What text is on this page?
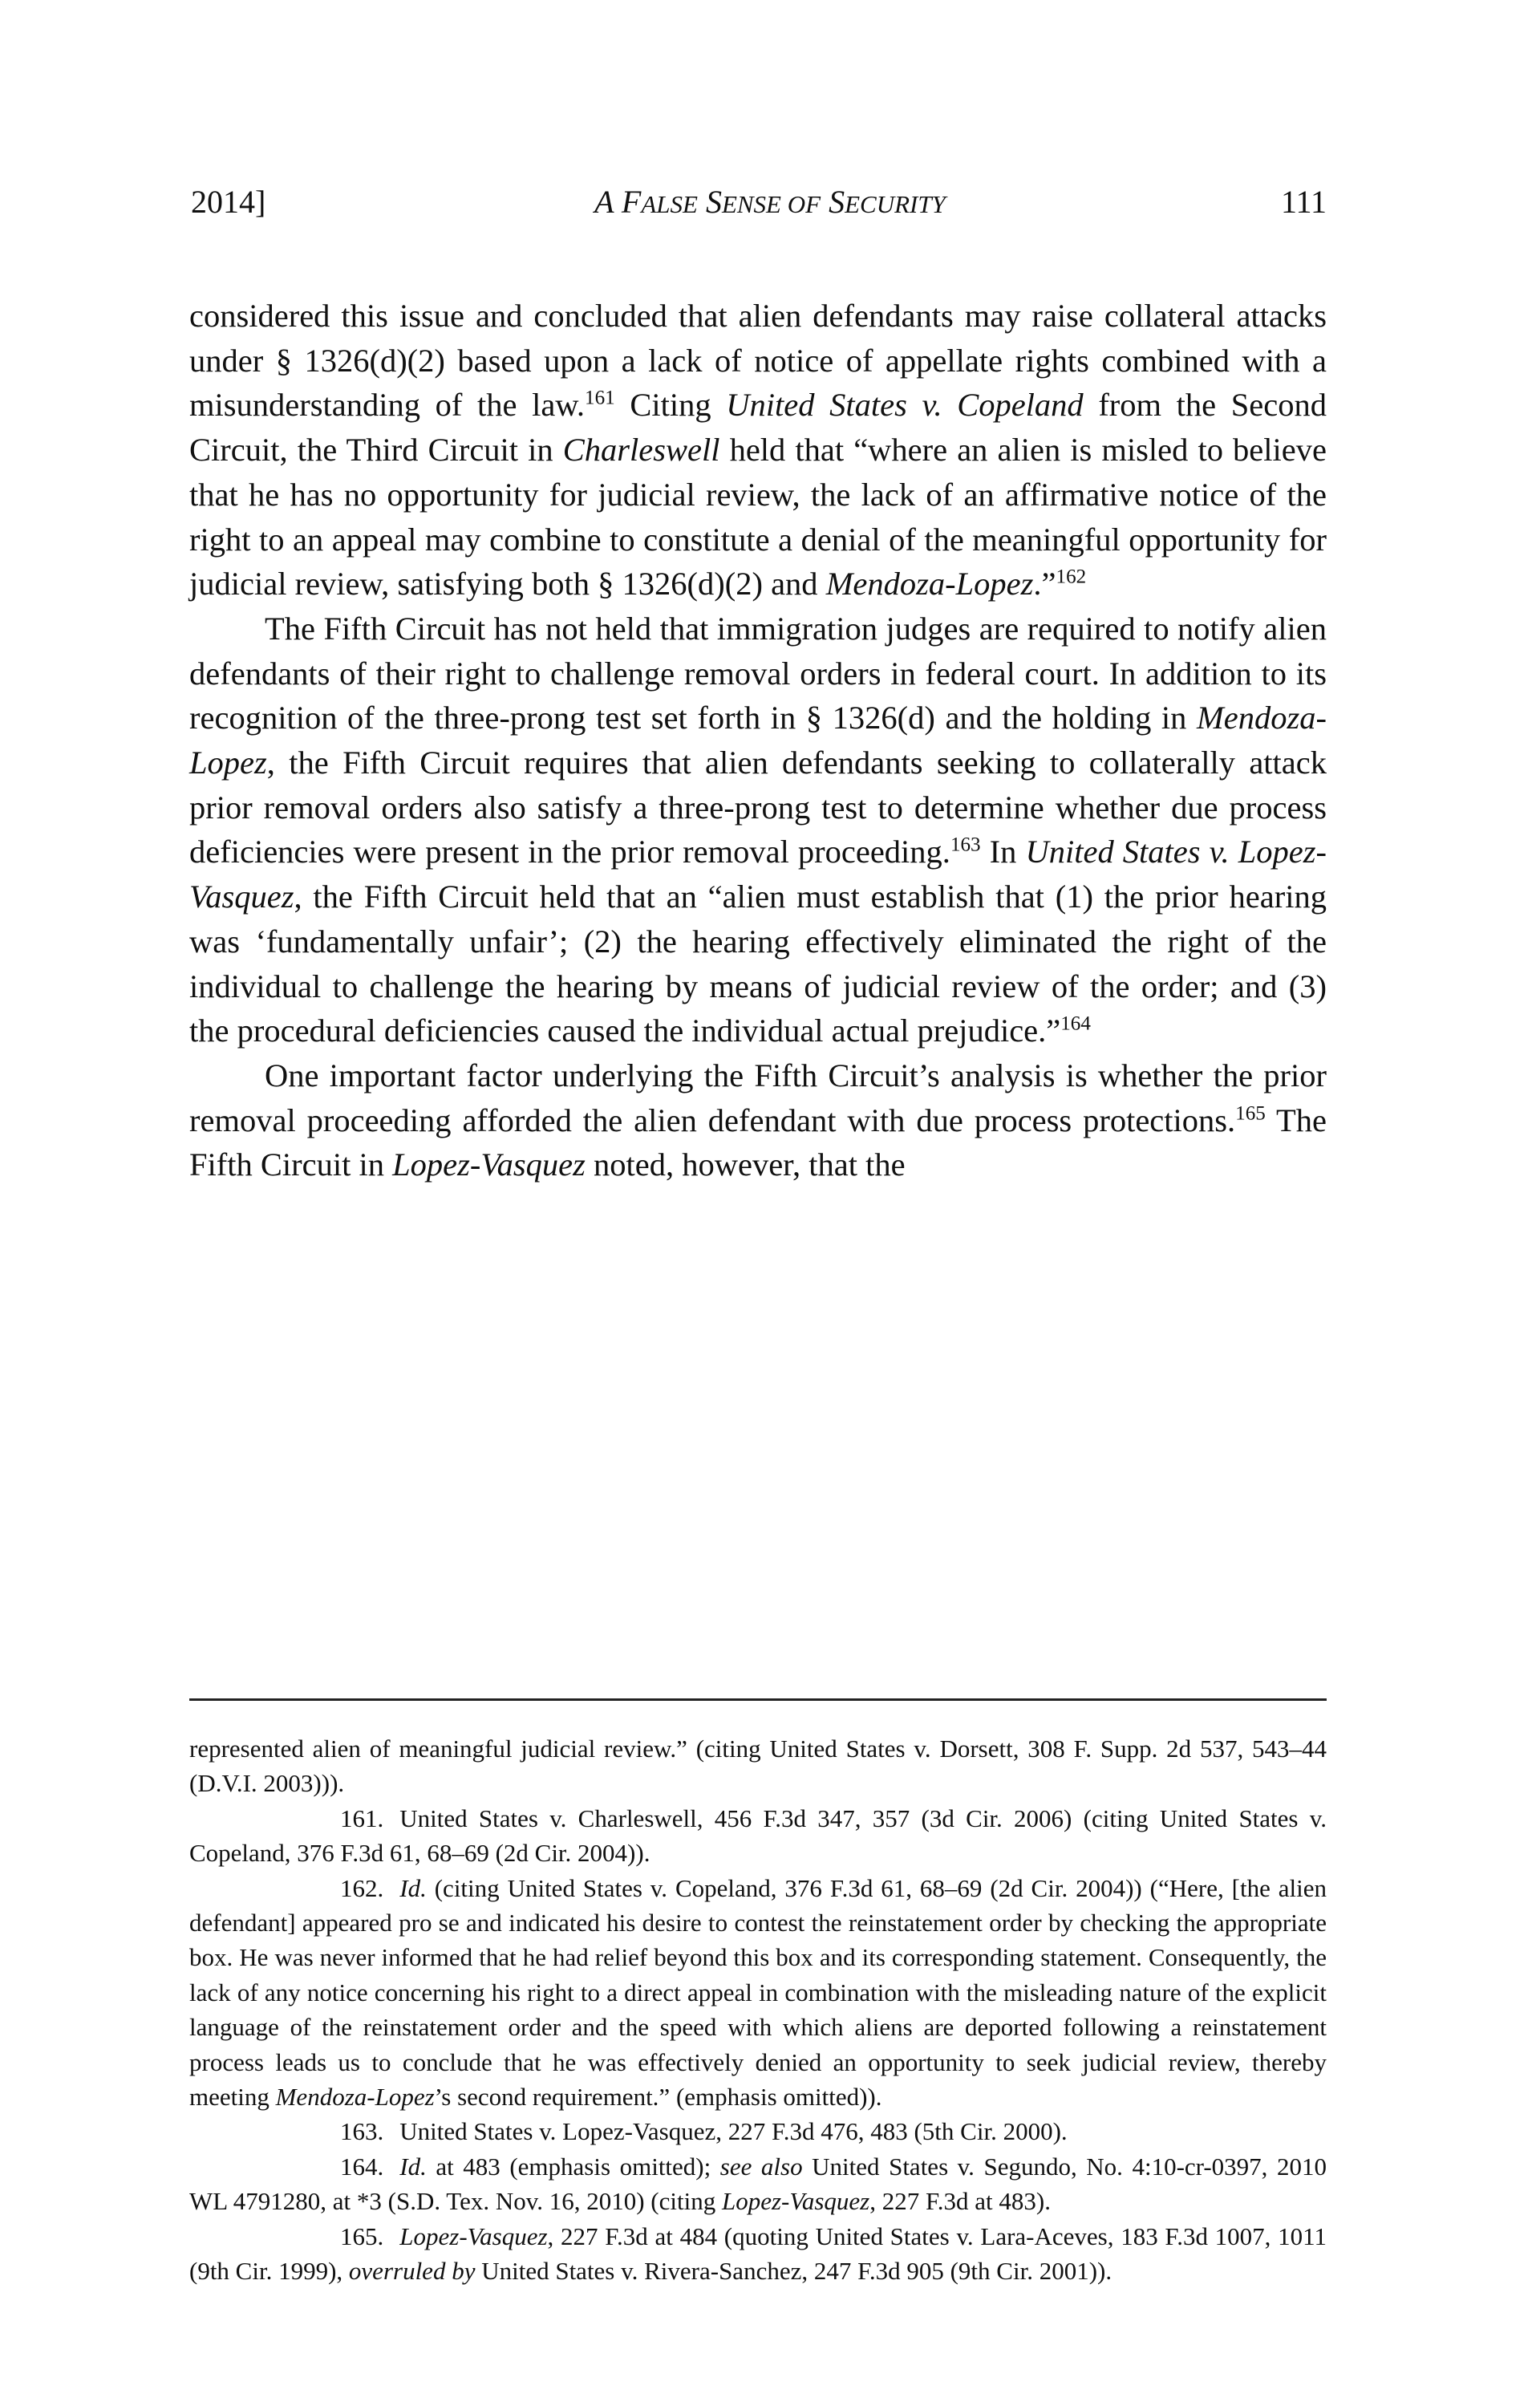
2014]	A FALSE SENSE OF SECURITY	111

considered this issue and concluded that alien defendants may raise collateral attacks under § 1326(d)(2) based upon a lack of notice of appellate rights combined with a misunderstanding of the law.$^{161}$ Citing United States v. Copeland from the Second Circuit, the Third Circuit in Charleswell held that “where an alien is misled to believe that he has no opportunity for judicial review, the lack of an affirmative notice of the right to an appeal may combine to constitute a denial of the meaningful opportunity for judicial review, satisfying both § 1326(d)(2) and Mendoza-Lopez.”$^{162}$

The Fifth Circuit has not held that immigration judges are required to notify alien defendants of their right to challenge removal orders in federal court. In addition to its recognition of the three-prong test set forth in § 1326(d) and the holding in Mendoza-Lopez, the Fifth Circuit requires that alien defendants seeking to collaterally attack prior removal orders also satisfy a three-prong test to determine whether due process deficiencies were present in the prior removal proceeding.$^{163}$ In United States v. Lopez-Vasquez, the Fifth Circuit held that an “alien must establish that (1) the prior hearing was ‘fundamentally unfair’; (2) the hearing effectively eliminated the right of the individual to challenge the hearing by means of judicial review of the order; and (3) the procedural deficiencies caused the individual actual prejudice.”$^{164}$

One important factor underlying the Fifth Circuit’s analysis is whether the prior removal proceeding afforded the alien defendant with due process protections.$^{165}$ The Fifth Circuit in Lopez-Vasquez noted, however, that the

represented alien of meaningful judicial review.” (citing United States v. Dorsett, 308 F. Supp. 2d 537, 543–44 (D.V.I. 2003))).

161. United States v. Charleswell, 456 F.3d 347, 357 (3d Cir. 2006) (citing United States v. Copeland, 376 F.3d 61, 68–69 (2d Cir. 2004)).

162. Id. (citing United States v. Copeland, 376 F.3d 61, 68–69 (2d Cir. 2004)) (“Here, [the alien defendant] appeared pro se and indicated his desire to contest the reinstatement order by checking the appropriate box. He was never informed that he had relief beyond this box and its corresponding statement. Consequently, the lack of any notice concerning his right to a direct appeal in combination with the misleading nature of the explicit language of the reinstatement order and the speed with which aliens are deported following a reinstatement process leads us to conclude that he was effectively denied an opportunity to seek judicial review, thereby meeting Mendoza-Lopez’s second requirement.” (emphasis omitted)).

163. United States v. Lopez-Vasquez, 227 F.3d 476, 483 (5th Cir. 2000).

164. Id. at 483 (emphasis omitted); see also United States v. Segundo, No. 4:10-cr-0397, 2010 WL 4791280, at *3 (S.D. Tex. Nov. 16, 2010) (citing Lopez-Vasquez, 227 F.3d at 483).

165. Lopez-Vasquez, 227 F.3d at 484 (quoting United States v. Lara-Aceves, 183 F.3d 1007, 1011 (9th Cir. 1999), overruled by United States v. Rivera-Sanchez, 247 F.3d 905 (9th Cir. 2001)).
